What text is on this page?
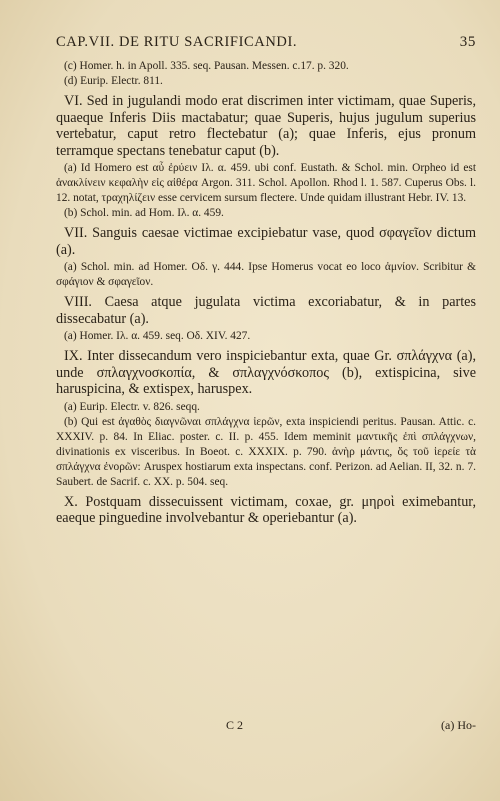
CAP.VII. DE RITU SACRIFICANDI.	35

(c) Homer. h. in Apoll. 335. seq. Pausan. Messen. c.17. p. 320.

(d) Eurip. Electr. 811.

VI. Sed in jugulandi modo erat discrimen inter victimam, quae Superis, quaeque Inferis Diis mactabatur; quae Superis, hujus jugulum superius vertebatur, caput retro flectebatur (a); quae Inferis, ejus pronum terramque spectans tenebatur caput (b).

(a) Id Homero est αὖ ἐρύειν Ιλ. α. 459. ubi conf. Eustath. & Schol. min. Orpheo id est ἀνακλίνειν κεφαλὴν εἰς αἰθέρα Argon. 311. Schol. Apollon. Rhod l. 1. 587. Cuperus Obs. l. 12. notat, τραχηλίζειν esse cervicem sursum flectere. Unde quidam illustrant Hebr. IV. 13.

(b) Schol. min. ad Hom. Ιλ. α. 459.

VII. Sanguis caesae victimae excipiebatur vase, quod σφαγεῖον dictum (a).

(a) Schol. min. ad Homer. Οδ. γ. 444. Ipse Homerus vocat eo loco ἀμνίον. Scribitur & σφάγιον & σφαγεῖον.

VIII. Caesa atque jugulata victima excoriabatur, & in partes dissecabatur (a).

(a) Homer. Ιλ. α. 459. seq. Οδ. XIV. 427.

IX. Inter dissecandum vero inspiciebantur exta, quae Gr. σπλάγχνα (a), unde σπλαγχνοσκοπία, & σπλαγχνόσκοπος (b), extispicina, sive haruspicina, & extispex, haruspex.

(a) Eurip. Electr. v. 826. seqq.

(b) Qui est ἀγαθὸς διαγνῶναι σπλάγχνα ἱερῶν, exta inspiciendi peritus. Pausan. Attic. c. XXXIV. p. 84. In Eliac. poster. c. II. p. 455. Idem meminit μαντικῆς ἐπὶ σπλάγχνων, divinationis ex visceribus. In Boeot. c. XXXIX. p. 790. ἀνὴρ μάντις, ὅς τοῦ ἱερείε τὰ σπλάγχνα ἐνορῶν: Aruspex hostiarum exta inspectans. conf. Perizon. ad Aelian. II, 32. n. 7. Saubert. de Sacrif. c. XX. p. 504. seq.

X. Postquam dissecuissent victimam, coxae, gr. μηροὶ eximebantur, eaeque pinguedine involvebantur & operiebantur (a).

C 2	(a) Ho-
